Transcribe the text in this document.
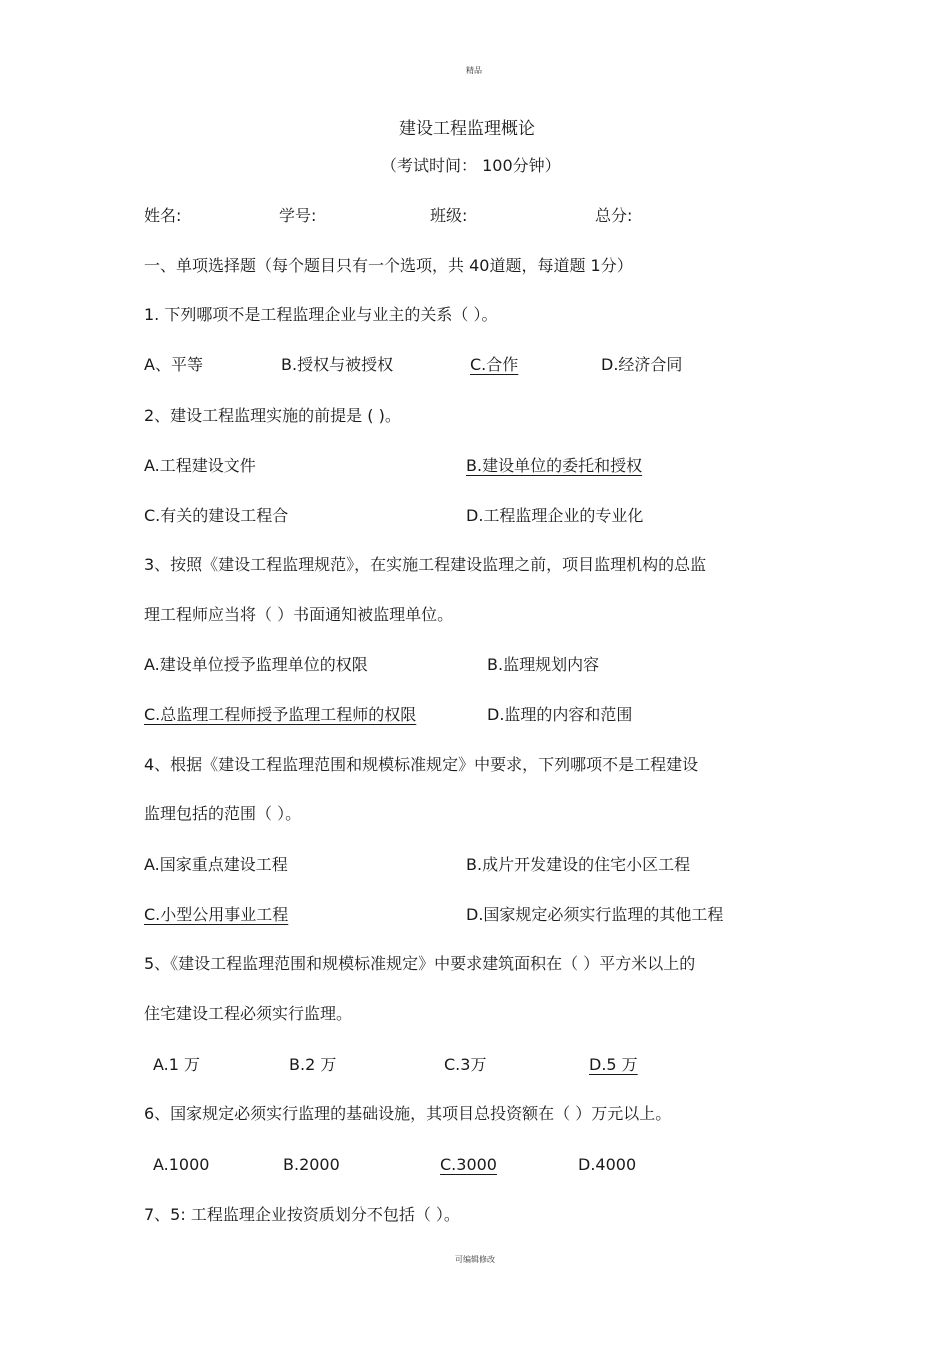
精品
建设工程监理概论
（考试时间： 100分钟）
姓名:	学号:	班级:	总分:
一、单项选择题（每个题目只有一个选项，共 40道题，每道题 1分）
1. 下列哪项不是工程监理企业与业主的关系（ ）。
A、平等	B.授权与被授权	C.合作	D.经济合同
2、建设工程监理实施的前提是 ( )。
A.工程建设文件	B.建设单位的委托和授权
C.有关的建设工程合	D.工程监理企业的专业化
3、按照《建设工程监理规范》，在实施工程建设监理之前，项目监理机构的总监
理工程师应当将（ ）书面通知被监理单位。
A.建设单位授予监理单位的权限	B.监理规划内容
C.总监理工程师授予监理工程师的权限	D.监理的内容和范围
4、根据《建设工程监理范围和规模标准规定》中要求，下列哪项不是工程建设
监理包括的范围（ ）。
A.国家重点建设工程	B.成片开发建设的住宅小区工程
C.小型公用事业工程	D.国家规定必须实行监理的其他工程
5、《建设工程监理范围和规模标准规定》中要求建筑面积在（ ）平方米以上的
住宅建设工程必须实行监理。
A.1 万	B.2 万	C.3万	D.5 万
6、国家规定必须实行监理的基础设施，其项目总投资额在（ ）万元以上。
A.1000	B.2000	C.3000	D.4000
7、5: 工程监理企业按资质划分不包括（ ）。
可编辑修改
